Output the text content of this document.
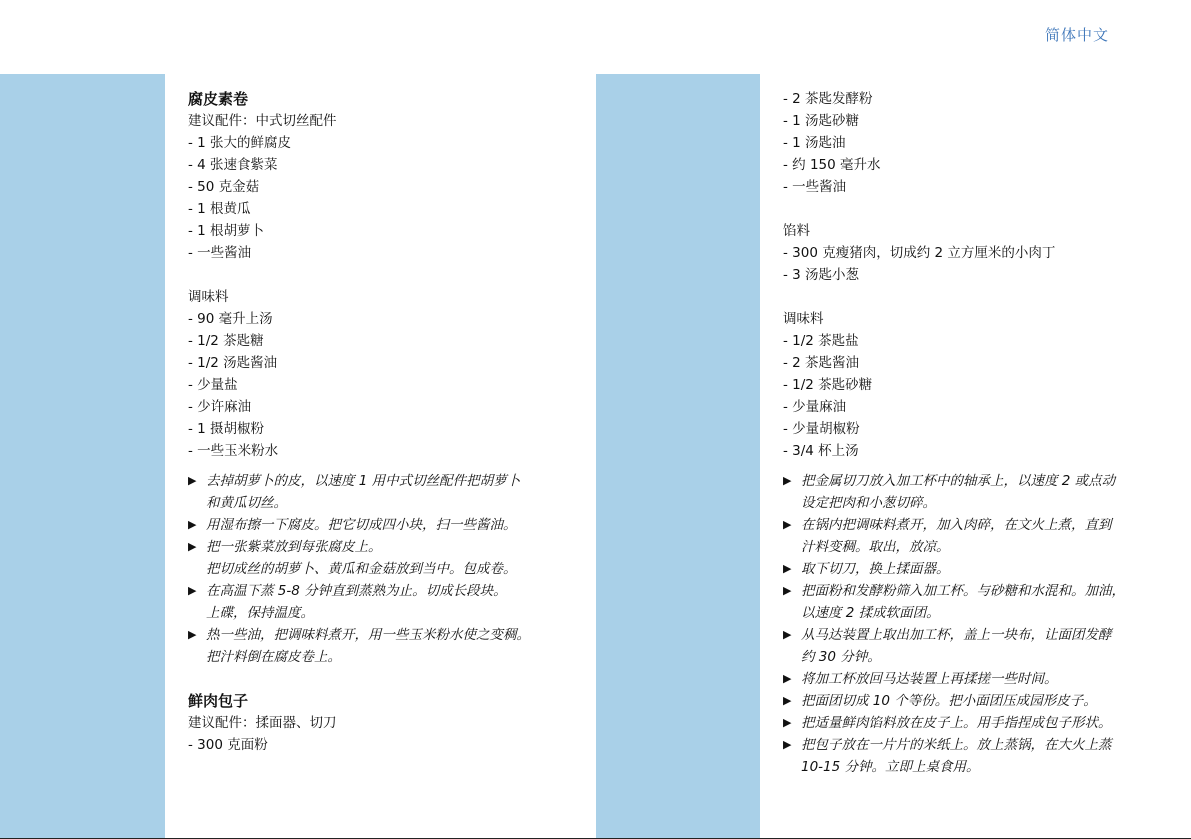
简体中文
腐皮素卷
建议配件：中式切丝配件
- 1 张大的鲜腐皮
- 4 张速食紫菜
- 50 克金菇
- 1 根黄瓜
- 1 根胡萝卜
- 一些酱油
调味料
- 90 毫升上汤
- 1/2 茶匙糖
- 1/2 汤匙酱油
- 少量盐
- 少许麻油
- 1 摄胡椒粉
- 一些玉米粉水
▶ 去掉胡萝卜的皮，以速度 1 用中式切丝配件把胡萝卜
和黄瓜切丝。
▶ 用湿布擦一下腐皮。把它切成四小块，扫一些酱油。
▶ 把一张紫菜放到每张腐皮上。
把切成丝的胡萝卜、黄瓜和金菇放到当中。包成卷。
▶ 在高温下蒸 5-8 分钟直到蒸熟为止。切成长段块。
上碟，保持温度。
▶ 热一些油，把调味料煮开，用一些玉米粉水使之变稠。
把汁料倒在腐皮卷上。
鲜肉包子
建议配件：揉面器、切刀
- 300 克面粉
- 2 茶匙发酵粉
- 1 汤匙砂糖
- 1 汤匙油
- 约 150 毫升水
- 一些酱油
馅料
- 300 克瘦猪肉，切成约 2 立方厘米的小肉丁
- 3 汤匙小葱
调味料
- 1/2 茶匙盐
- 2 茶匙酱油
- 1/2 茶匙砂糖
- 少量麻油
- 少量胡椒粉
- 3/4 杯上汤
▶ 把金属切刀放入加工杯中的轴承上，以速度 2 或点动
设定把肉和小葱切碎。
▶ 在锅内把调味料煮开，加入肉碎，在文火上煮，直到
汁料变稠。取出，放凉。
▶ 取下切刀，换上揉面器。
▶ 把面粉和发酵粉筛入加工杯。与砂糖和水混和。加油，
以速度 2 揉成软面团。
▶ 从马达装置上取出加工杯，盖上一块布，让面团发酵
约 30 分钟。
▶ 将加工杯放回马达装置上再揉搓一些时间。
▶ 把面团切成 10 个等份。把小面团压成园形皮子。
▶ 把适量鲜肉馅料放在皮子上。用手指捏成包子形状。
▶ 把包子放在一片片的米纸上。放上蒸锅，在大火上蒸
10-15 分钟。立即上桌食用。
